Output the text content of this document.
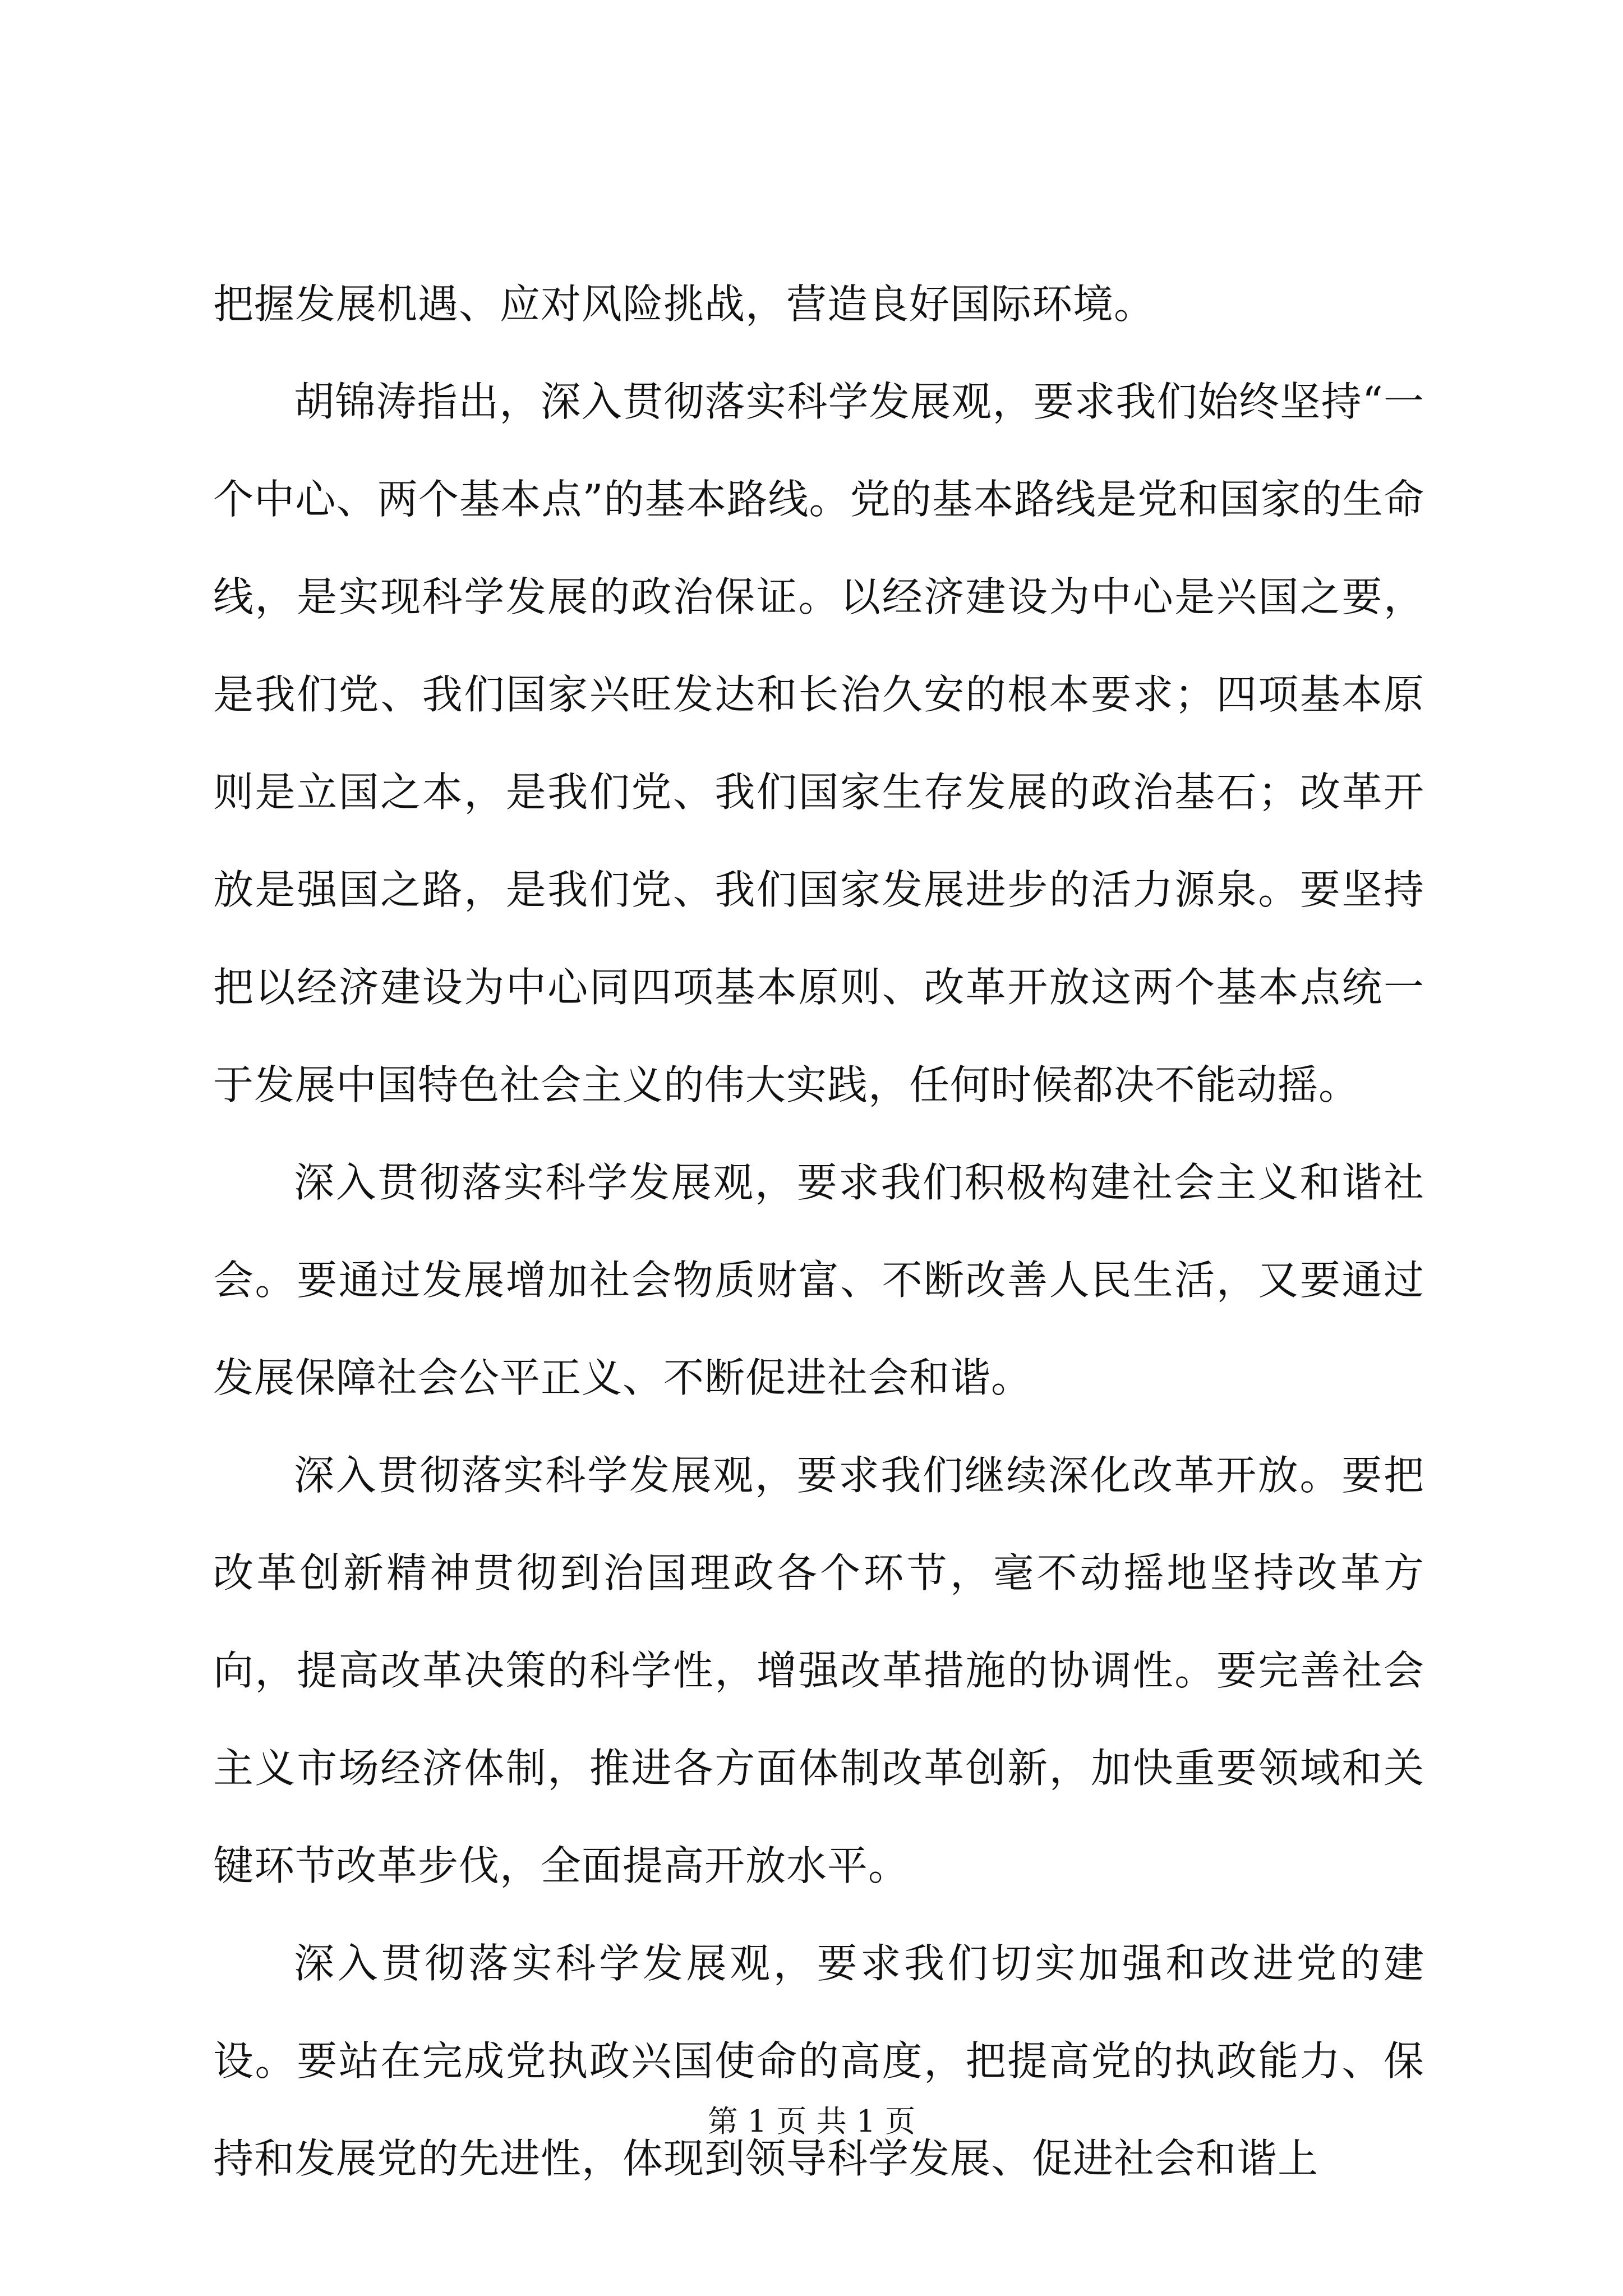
把握发展机遇、应对风险挑战，营造良好国际环境。

胡锦涛指出，深入贯彻落实科学发展观，要求我们始终坚持“一个中心、两个基本点”的基本路线。党的基本路线是党和国家的生命线，是实现科学发展的政治保证。以经济建设为中心是兴国之要，是我们党、我们国家兴旺发达和长治久安的根本要求；四项基本原则是立国之本，是我们党、我们国家生存发展的政治基石；改革开放是强国之路，是我们党、我们国家发展进步的活力源泉。要坚持把以经济建设为中心同四项基本原则、改革开放这两个基本点统一于发展中国特色社会主义的伟大实践，任何时候都决不能动摇。

深入贯彻落实科学发展观，要求我们积极构建社会主义和谐社会。要通过发展增加社会物质财富、不断改善人民生活，又要通过发展保障社会公平正义、不断促进社会和谐。

深入贯彻落实科学发展观，要求我们继续深化改革开放。要把改革创新精神贯彻到治国理政各个环节，毫不动摇地坚持改革方向，提高改革决策的科学性，增强改革措施的协调性。要完善社会主义市场经济体制，推进各方面体制改革创新，加快重要领域和关键环节改革步伐，全面提高开放水平。

深入贯彻落实科学发展观，要求我们切实加强和改进党的建设。要站在完成党执政兴国使命的高度，把提高党的执政能力、保持和发展党的先进性，体现到领导科学发展、促进社会和谐上

第 1 页 共 1 页
